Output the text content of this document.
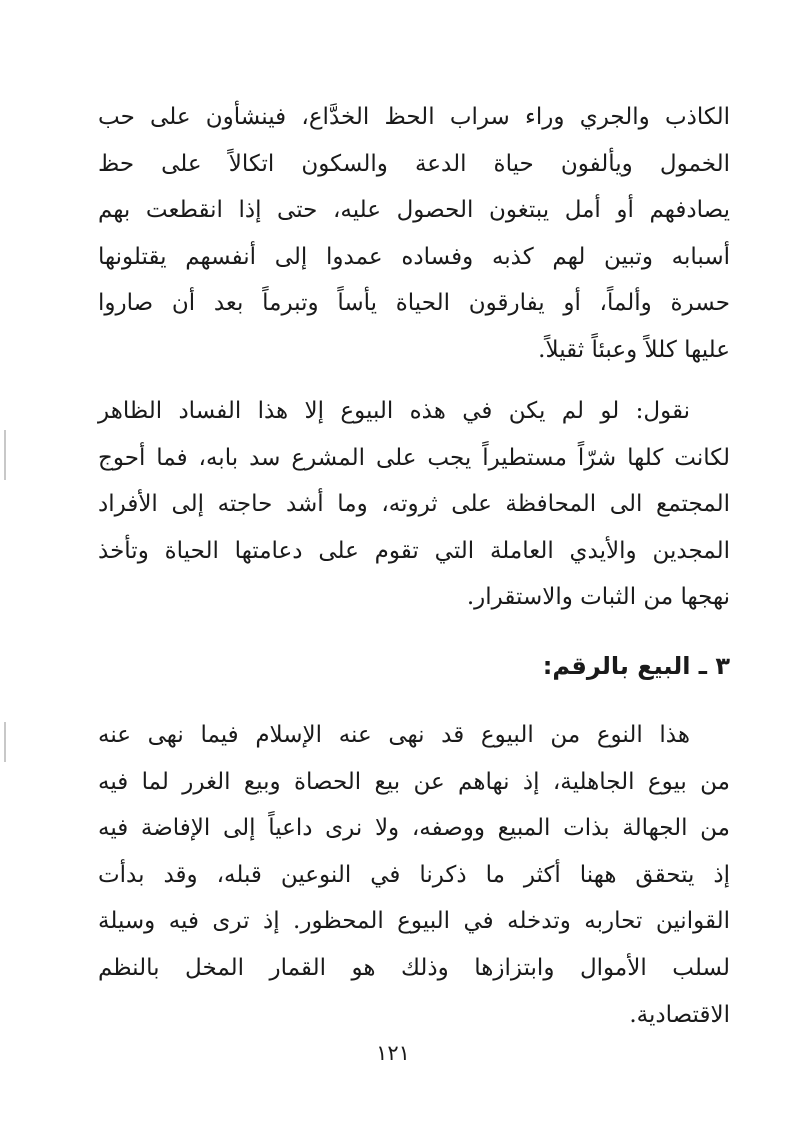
الكاذب والجري وراء سراب الحظ الخدَّاع، فينشأون على حب
الخمول ويألفون حياة الدعة والسكون اتكالاً على حظ
يصادفهم أو أمل يبتغون الحصول عليه، حتى إذا انقطعت بهم
أسبابه وتبين لهم كذبه وفساده عمدوا إلى أنفسهم يقتلونها
حسرة وألماً، أو يفارقون الحياة يأساً وتبرماً بعد أن صاروا
عليها كللاً وعبئاً ثقيلاً.
نقول: لو لم يكن في هذه البيوع إلا هذا الفساد الظاهر
لكانت كلها شرّاً مستطيراً يجب على المشرع سد بابه، فما أحوج
المجتمع الى المحافظة على ثروته، وما أشد حاجته إلى الأفراد
المجدين والأيدي العاملة التي تقوم على دعامتها الحياة وتأخذ
نهجها من الثبات والاستقرار.
٣ ـ البيع بالرقم:
هذا النوع من البيوع قد نهى عنه الإسلام فيما نهى عنه
من بيوع الجاهلية، إذ نهاهم عن بيع الحصاة وبيع الغرر لما فيه
من الجهالة بذات المبيع ووصفه، ولا نرى داعياً إلى الإفاضة فيه
إذ يتحقق ههنا أكثر ما ذكرنا في النوعين قبله، وقد بدأت
القوانين تحاربه وتدخله في البيوع المحظور. إذ ترى فيه وسيلة
لسلب الأموال وابتزازها وذلك هو القمار المخل بالنظم
الاقتصادية.
١٢١
